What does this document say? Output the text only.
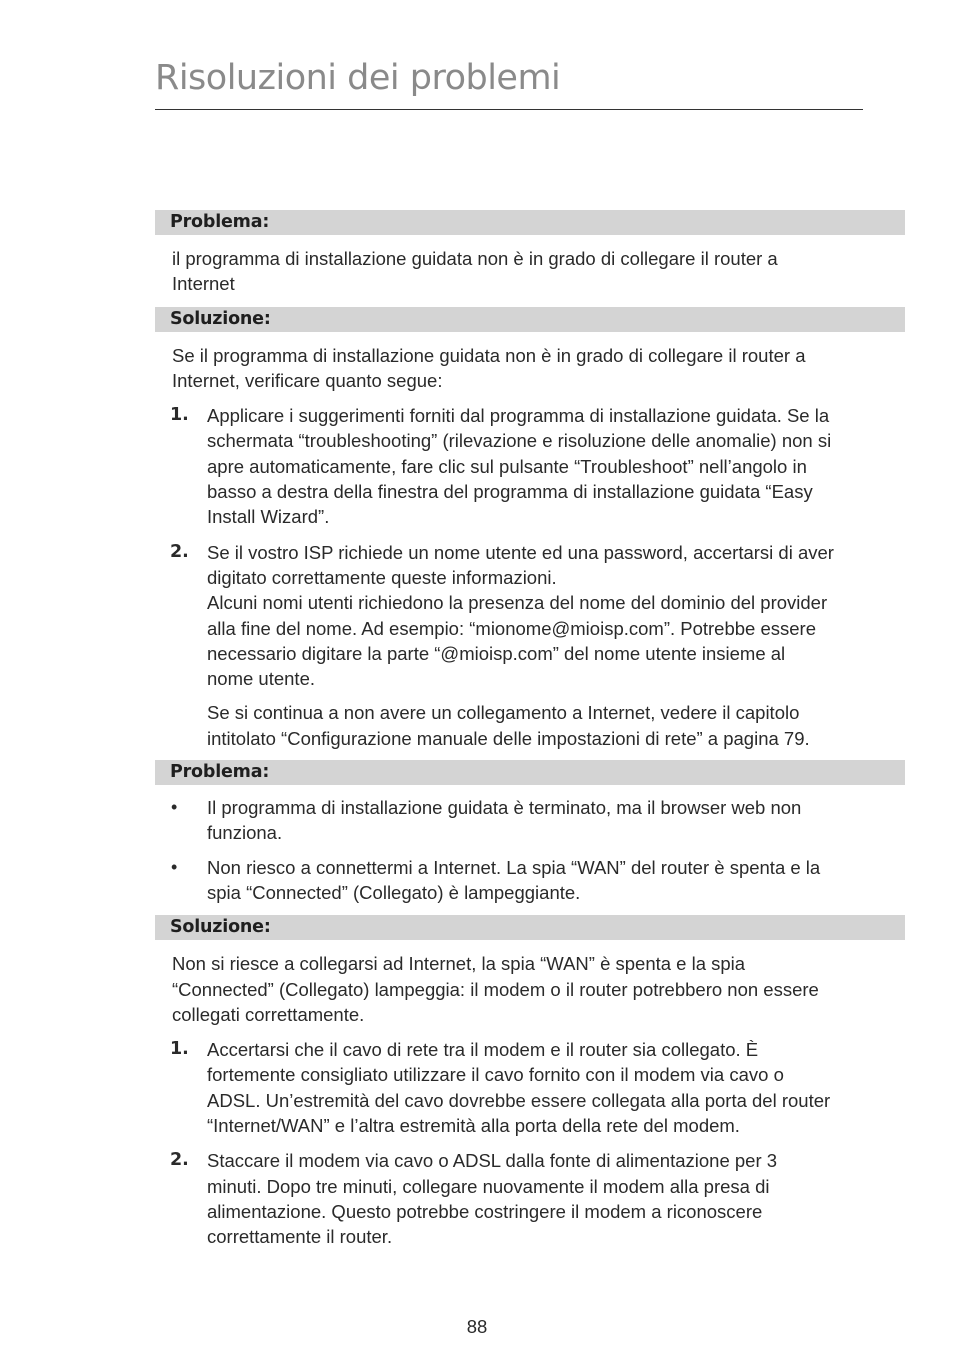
Risoluzioni dei problemi
Problema:
il programma di installazione guidata non è in grado di collegare il router a
Internet
Soluzione:
Se il programma di installazione guidata non è in grado di collegare il router a
Internet, verificare quanto segue:
1. Applicare i suggerimenti forniti dal programma di installazione guidata. Se la
schermata “troubleshooting” (rilevazione e risoluzione delle anomalie) non si
apre automaticamente, fare clic sul pulsante “Troubleshoot” nell’angolo in
basso a destra della finestra del programma di installazione guidata “Easy
Install Wizard”.
2. Se il vostro ISP richiede un nome utente ed una password, accertarsi di aver
digitato correttamente queste informazioni.
Alcuni nomi utenti richiedono la presenza del nome del dominio del provider
alla fine del nome. Ad esempio: “mionome@mioisp.com”. Potrebbe essere
necessario digitare la parte “@mioisp.com” del nome utente insieme al
nome utente.
Se si continua a non avere un collegamento a Internet, vedere il capitolo
intitolato “Configurazione manuale delle impostazioni di rete” a pagina 79.
Problema:
• Il programma di installazione guidata è terminato, ma il browser web non
funziona.
• Non riesco a connettermi a Internet. La spia “WAN” del router è spenta e la
spia “Connected” (Collegato) è lampeggiante.
Soluzione:
Non si riesce a collegarsi ad Internet, la spia “WAN” è spenta e la spia
“Connected” (Collegato) lampeggia: il modem o il router potrebbero non essere
collegati correttamente.
1. Accertarsi che il cavo di rete tra il modem e il router sia collegato. È
fortemente consigliato utilizzare il cavo fornito con il modem via cavo o
ADSL. Un’estremità del cavo dovrebbe essere collegata alla porta del router
“Internet/WAN” e l’altra estremità alla porta della rete del modem.
2. Staccare il modem via cavo o ADSL dalla fonte di alimentazione per 3
minuti. Dopo tre minuti, collegare nuovamente il modem alla presa di
alimentazione. Questo potrebbe costringere il modem a riconoscere
correttamente il router.
88
